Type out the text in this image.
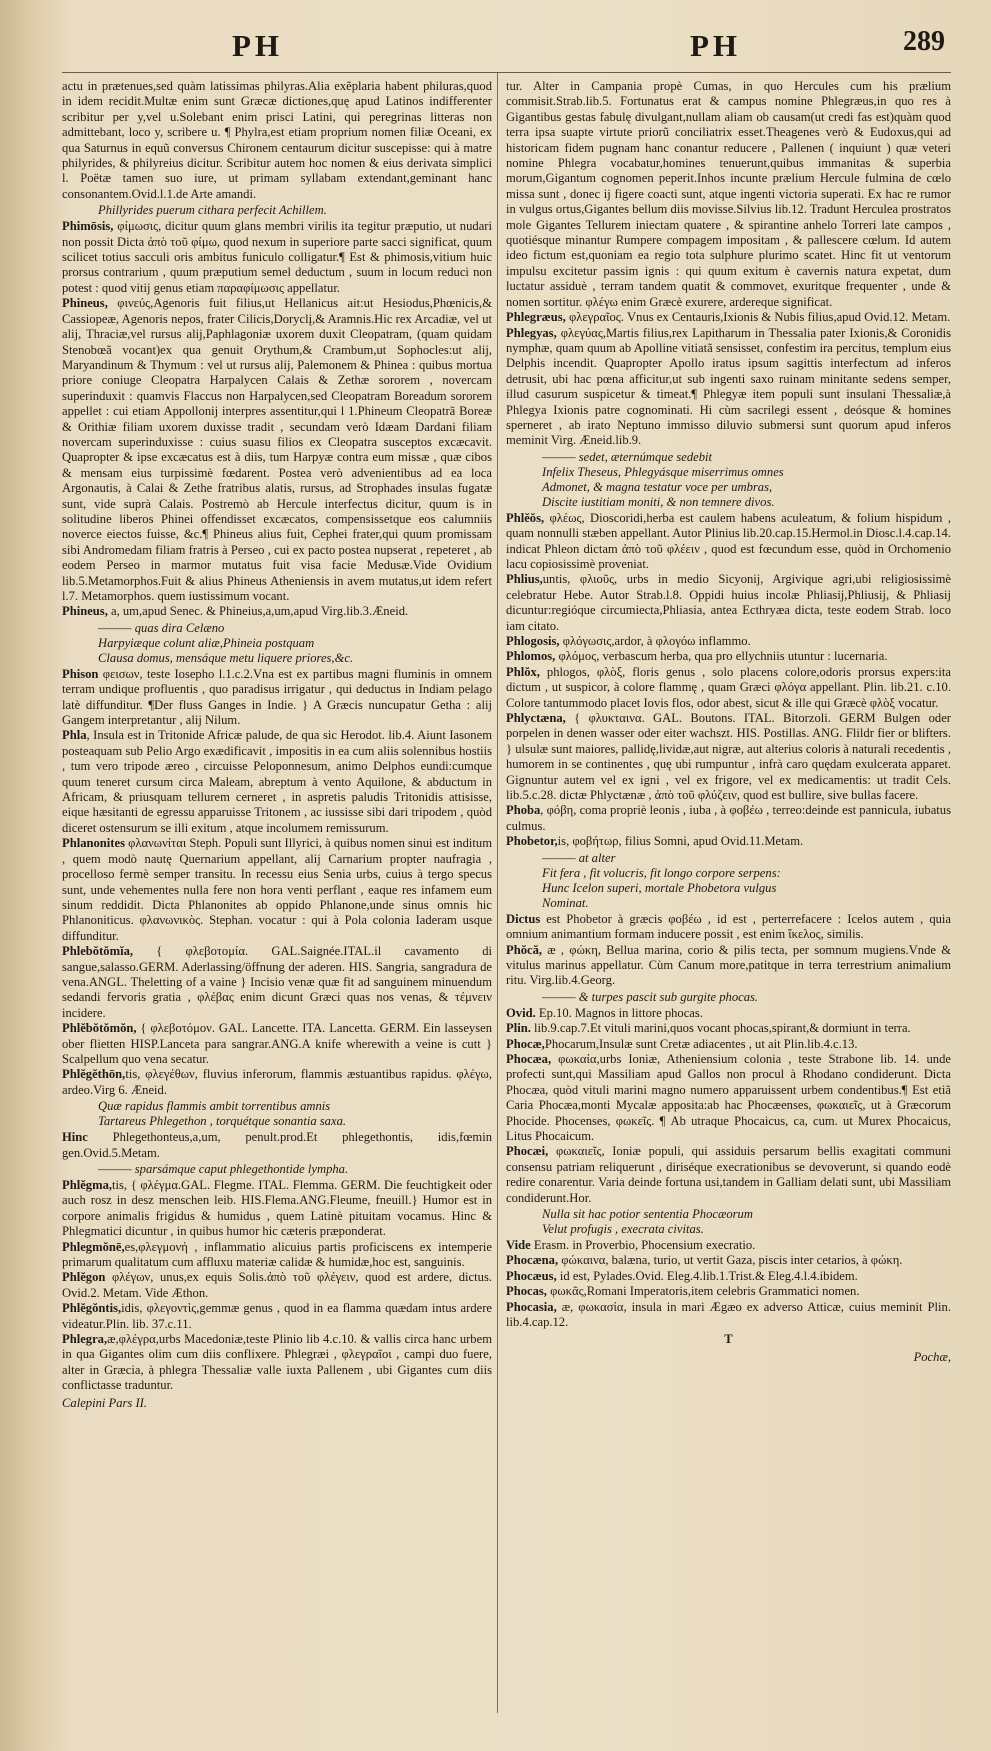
PH	PH	289

actu in prætenues,sed quàm latissimas philyras.Alia exẽplaria habent philuras,quod in idem recidit.Multæ enim sunt Græcæ dictiones,quę apud Latinos indifferenter scribitur per y,vel u.Solebant enim prisci Latini, qui peregrinas litteras non admittebant, loco y, scribere u. ¶ Phylra,est etiam proprium nomen filiæ Oceani, ex qua Saturnus in equũ conversus Chironem centaurum dicitur suscepisse: qui à matre philyrides, & philyreius dicitur. Scribitur autem hoc nomen & eius derivata simplici l. Poëtæ tamen suo iure, ut primam syllabam extendant,geminant hanc consonantem.Ovid.l.1.de Arte amandi.

Phillyrides puerum cithara perfecit Achillem.

Phimōsis, φίμωσις, dicitur quum glans membri virilis ita tegitur præputio, ut nudari non possit Dicta ἀπὸ τοῦ φίμω, quod nexum in superiore parte sacci significat, quum scilicet totius sacculi oris ambitus funiculo colligatur.¶ Est & phimosis,vitium huic prorsus contrarium , quum præputium semel deductum , suum in locum reduci non potest : quod vitij genus etiam παραφίμωσις appellatur.

Phineus, φινεύς,Agenoris fuit filius,ut Hellanicus ait:ut Hesiodus,Phœnicis,& Cassiopeæ, Agenoris nepos, frater Cilicis,Doryclį,& Aramnis.Hic rex Arcadiæ, vel ut alij, Thraciæ,vel rursus alij,Paphlagoniæ uxorem duxit Cleopatram, (quam quidam Stenobœã vocant)ex qua genuit Orythum,& Crambum,ut Sophocles:ut alij, Maryandinum & Thymum : vel ut rursus alij, Palemonem & Phinea : quibus mortua priore coniuge Cleopatra Harpalycen Calais & Zethæ sororem , novercam superinduxit : quamvis Flaccus non Harpalycen,sed Cleopatram Boreadum sororem appellet : cui etiam Appollonij interpres assentitur,qui l 1.Phineum Cleopatrã Boreæ & Orithiæ filiam uxorem duxisse tradit , secundam verò Idæam Dardani filiam novercam superinduxisse : cuius suasu filios ex Cleopatra susceptos excæcavit. Quapropter & ipse excæcatus est à diis, tum Harpyæ contra eum missæ , quæ cibos & mensam eius turpissimè fœdarent. Postea verò advenientibus ad ea loca Argonautis, à Calai & Zethe fratribus alatis, rursus, ad Strophades insulas fugatæ sunt, vide suprà Calais. Postremò ab Hercule interfectus dicitur, quum is in solitudine liberos Phinei offendisset excæcatos, compensissetque eos calumniis noverce eiectos fuisse, &c.¶ Phineus alius fuit, Cephei frater,qui quum promissam sibi Andromedam filiam fratris à Perseo , cui ex pacto postea nupserat , repeteret , ab eodem Perseo in marmor mutatus fuit visa facie Medusæ.Vide Ovidium lib.5.Metamorphos.Fuit & alius Phineus Atheniensis in avem mutatus,ut idem refert l.7. Metamorphos. quem iustissimum vocant.

Phineus, a, um,apud Senec. & Phineius,a,um,apud Virg.lib.3.Æneid.

——— quas dira Celæno
Harpyiæque colunt aliæ,Phineia postquam
Clausa domus, mensáque metu liquere priores,&c.

Phison φεισων, teste Iosepho l.1.c.2.Vna est ex partibus magni fluminis in omnem terram undique profluentis , quo paradisus irrigatur , qui deductus in Indiam pelago latè diffunditur. ¶Der fluss Ganges in Indie. } A Græcis nuncupatur Getha : alij Gangem interpretantur , alij Nilum.

Phla, Insula est in Tritonide Africæ palude, de qua sic Herodot. lib.4. Aiunt Iasonem posteaquam sub Pelio Argo exædificavit , impositis in ea cum aliis solennibus hostiis , tum vero tripode æreo , circuisse Peloponnesum, animo Delphos eundi:cumque quum teneret cursum circa Maleam, abreptum à vento Aquilone, & abductum in Africam, & priusquam tellurem cerneret , in aspretis paludis Tritonidis attisisse, eique hæsitanti de egressu apparuisse Tritonem , ac iussisse sibi dari tripodem , quòd diceret ostensurum se illi exitum , atque incolumem remissurum.

Phlanonites φλανωνίται Steph. Populi sunt Illyrici, à quibus nomen sinui est inditum , quem modò nautę Quernarium appellant, alij Carnarium propter naufragia , procelloso fermè semper transitu. In recessu eius Senia urbs, cuius à tergo specus sunt, unde vehementes nulla fere non hora venti perflant , eaque res infamem eum sinum reddidit. Dicta Phlanonites ab oppido Phlanone,unde sinus omnis hic Phlanoniticus. φλανωνικὸς. Stephan. vocatur : qui à Pola colonia Iaderam usque diffunditur.

Phlebŏtŏmĭa, { φλεβοτομία. GAL.Saignée.ITAL.il cavamento di sangue,salasso.GERM. Aderlassing/öffnung der aderen. HIS. Sangria, sangradura de vena.ANGL. Theletting of a vaine } Incisio venæ quæ fit ad sanguinem minuendum sedandi fervoris gratia , φλέβας enim dicunt Græci quas nos venas, & τέμνειν incidere.

Phlĕbŏtŏmŏn, { φλεβοτόμον. GAL. Lancette. ITA. Lancetta. GERM. Ein lasseysen ober flietten HISP.Lanceta para sangrar.ANG.A knife wherewith a veine is cutt } Scalpellum quo vena secatur.

Phlĕgĕthōn,tis, φλεγέθων, fluvius inferorum, flammis æstuantibus rapidus. φλέγω, ardeo.Virg 6. Æneid.

Quæ rapidus flammis ambit torrentibus amnis
Tartareus Phlegethon , torquétque sonantia saxa.

Hinc Phlegethonteus,a,um, penult.prod.Et phlegethontis, idis,fœmin gen.Ovid.5.Metam.

——— sparsámque caput phlegethontide lympha.

Phlĕgma,tis, { φλέγμα.GAL. Flegme. ITAL. Flemma. GERM. Die feuchtigkeit oder auch rosz in desz menschen leib. HIS.Flema.ANG.Fleume, fneuill.} Humor est in corpore animalis frigidus & humidus , quem Latinè pituitam vocamus. Hinc & Phlegmatici dicuntur , in quibus humor hic cæteris præponderat.

Phlegmŏnē,es,φλεγμονή , inflammatio alicuius partis proficiscens ex intemperie primarum qualitatum cum affluxu materiæ calidæ & humidæ,hoc est, sanguinis.

Phlĕgon φλέγων, unus,ex equis Solis.ἀπὸ τοῦ φλέγειν, quod est ardere, dictus. Ovid.2. Metam. Vide Æthon.

Phlĕgŏntis,idis, φλεγοντὶς,gemmæ genus , quod in ea flamma quædam intus ardere videatur.Plin. lib. 37.c.11.

Phlegra,æ,φλέγρα,urbs Macedoniæ,teste Plinio lib 4.c.10. & vallis circa hanc urbem in qua Gigantes olim cum diis conflixere. Phlegræi , φλεγραῖοι , campi duo fuere, alter in Græcia, à phlegra Thessaliæ valle iuxta Pallenem , ubi Gigantes cum diis conflictasse traduntur.

Calepini Pars II.

tur. Alter in Campania propè Cumas, in quo Hercules cum his prælium commisit.Strab.lib.5. Fortunatus erat & campus nomine Phlegræus,in quo res à Gigantibus gestas fabulę divulgant,nullam aliam ob causam(ut credi fas est)quàm quod terra ipsa suapte virtute priorũ conciliatrix esset.Theagenes verò & Eudoxus,qui ad historicam fidem pugnam hanc conantur reducere , Pallenen ( inquiunt ) quæ veteri nomine Phlegra vocabatur,homines tenuerunt,quibus immanitas & superbia morum,Gigantum cognomen peperit.Inhos incunte prælium Hercule fulmina de cœlo missa sunt , donec ij figere coacti sunt, atque ingenti victoria superati. Ex hac re rumor in vulgus ortus,Gigantes bellum diis movisse.Silvius lib.12. Tradunt Herculea prostratos mole Gigantes Tellurem iniectam quatere , & spirantine anhelo Torreri late campos , quotiésque minantur Rumpere compagem impositam , & pallescere cœlum. Id autem ideo fictum est,quoniam ea regio tota sulphure plurimo scatet. Hinc fit ut ventorum impulsu excitetur passim ignis : qui quum exitum è cavernis natura expetat, dum luctatur assiduè , terram tandem quatit & commovet, exuritque frequenter , unde & nomen sortitur. φλέγω enim Græcè exurere, ardereque significat.

Phlegræus, φλεγραῖος. Vnus ex Centauris,Ixionis & Nubis filius,apud Ovid.12. Metam.

Phlegyas, φλεγύας,Martis filius,rex Lapitharum in Thessalia pater Ixionis,& Coronidis nymphæ, quam quum ab Apolline vitiatã sensisset, confestim ira percitus, templum eius Delphis incendit. Quapropter Apollo iratus ipsum sagittis interfectum ad inferos detrusit, ubi hac pœna afficitur,ut sub ingenti saxo ruinam minitante sedens semper, illud casurum suspicetur & timeat.¶ Phlegyæ item populi sunt insulani Thessaliæ,à Phlegya Ixionis patre cognominati. Hi cùm sacrilegi essent , deósque & homines sperneret , ab irato Neptuno immisso diluvio submersi sunt quorum apud inferos meminit Virg. Æneid.lib.9.

——— sedet, æternúmque sedebit
Infelix Theseus, Phlegyásque miserrimus omnes
Admonet, & magna testatur voce per umbras,
Discite iustitiam moniti, & non temnere divos.

Phlĕŏs, φλέως, Dioscoridi,herba est caulem habens aculeatum, & folium hispidum , quam nonnulli stæben appellant. Autor Plinius lib.20.cap.15.Hermol.in Diosc.l.4.cap.14. indicat Phleon dictam ἀπὸ τοῦ φλέειν , quod est fœcundum esse, quòd in Orchomenio lacu copiosissimè proveniat.

Phlius,untis, φλιοῦς, urbs in medio Sicyonij, Argivique agri,ubi religiosissimè celebratur Hebe. Autor Strab.l.8. Oppidi huius incolæ Phliasij,Phliusij, & Phliasij dicuntur:regióque circumiecta,Phliasia, antea Ecthryæa dicta, teste eodem Strab. loco iam citato.

Phlogosis, φλόγωσις,ardor, à φλογόω inflammo.

Phlomos, φλόμος, verbascum herba, qua pro ellychniis utuntur : lucernaria.

Phlŏx, phlogos, φλὸξ, floris genus , solo placens colore,odoris prorsus expers:ita dictum , ut suspicor, à colore flammę , quam Græci φλόγα appellant. Plin. lib.21. c.10. Colore tantummodo placet Iovis flos, odor abest, sicut & ille qui Græcè φλὸξ vocatur.

Phlyctæna, { φλυκταινα. GAL. Boutons. ITAL. Bitorzoli. GERM Bulgen oder porpelen in denen wasser oder eiter wachszt. HIS. Postillas. ANG. Flildr fier or blifters. } ulsulæ sunt maiores, pallidę,lividæ,aut nigræ, aut alterius coloris à naturali recedentis , humorem in se continentes , quę ubi rumpuntur , infrà caro quędam exulcerata apparet. Gignuntur autem vel ex igni , vel ex frigore, vel ex medicamentis: ut tradit Cels. lib.5.c.28. dictæ Phlyctænæ , ἀπὸ τοῦ φλύζειν, quod est bullire, sive bullas facere.

Phoba, φόβη, coma propriè leonis , iuba , à φοβέω , terreo:deinde est pannicula, iubatus culmus.

Phobetor,is, φοβήτωρ, filius Somni, apud Ovid.11.Metam.

——— at alter
Fit fera , fit volucris, fit longo corpore serpens:
Hunc Icelon superi, mortale Phobetora vulgus
Nominat.

Dictus est Phobetor à græcis φοβέω , id est , perterrefacere : Icelos autem , quia omnium animantium formam inducere possit , est enim ἴκελος, similis.

Phŏcă, æ , φώκη, Bellua marina, corio & pilis tecta, per somnum mugiens.Vnde & vitulus marinus appellatur. Cùm Canum more,patitque in terra terrestrium animalium ritu. Virg.lib.4.Georg.

——— & turpes pascit sub gurgite phocas.

Ovid. Ep.10. Magnos in littore phocas.

Plin. lib.9.cap.7.Et vituli marini,quos vocant phocas,spirant,& dormiunt in terra.

Phocæ,Phocarum,Insulæ sunt Cretæ adiacentes , ut ait Plin.lib.4.c.13.

Phocæa, φωκαία,urbs Ioniæ, Atheniensium colonia , teste Strabone lib. 14. unde profecti sunt,qui Massiliam apud Gallos non procul à Rhodano condiderunt. Dicta Phocæa, quòd vituli marini magno numero apparuissent urbem condentibus.¶ Est etiã Caria Phocæa,monti Mycalæ apposita:ab hac Phocæenses, φωκαιεῖς, ut à Græcorum Phocide. Phocenses, φωκεῖς. ¶ Ab utraque Phocaicus, ca, cum. ut Murex Phocaicus, Litus Phocaicum.

Phocæi, φωκαιεῖς, Ioniæ populi, qui assiduis persarum bellis exagitati communi consensu patriam reliquerunt , diriséque execrationibus se devoverunt, si quando eodè redire conarentur. Varia deinde fortuna usi,tandem in Galliam delati sunt, ubi Massiliam condiderunt.Hor.

Nulla sit hac potior sententia Phocæorum
Velut profugis , execrata civitas.

Vide Erasm. in Proverbio, Phocensium execratio.

Phocæna, φώκαινα, balæna, turio, ut vertit Gaza, piscis inter cetarios, à φώκη.

Phocæus, id est, Pylades.Ovid. Eleg.4.lib.1.Trist.& Eleg.4.l.4.ibidem.

Phocas, φωκᾶς,Romani Imperatoris,item celebris Grammatici nomen.

Phocasia, æ, φωκασία, insula in mari Ægæo ex adverso Atticæ, cuius meminit Plin. lib.4.cap.12.

T
Pochæ,
